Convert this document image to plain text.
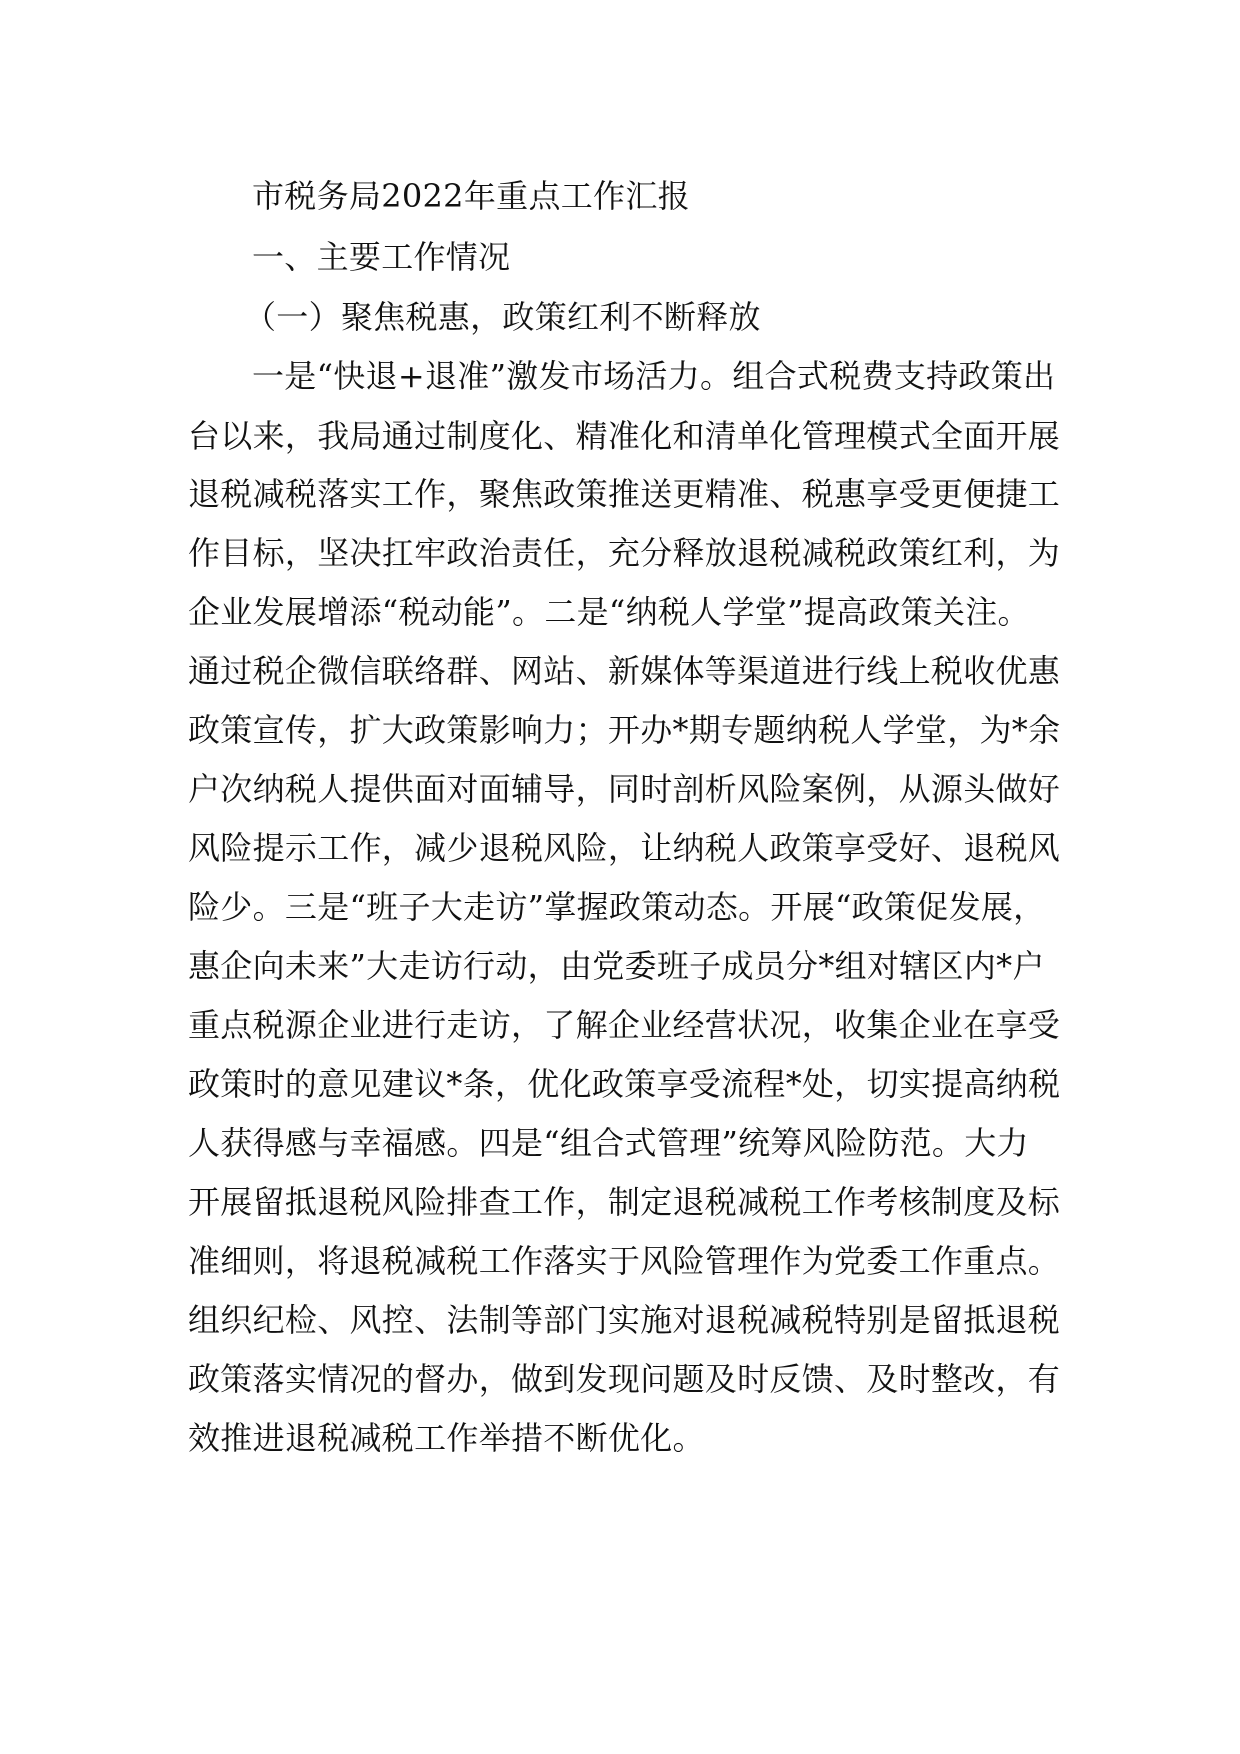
市税务局2022年重点工作汇报
一、主要工作情况
（一）聚焦税惠，政策红利不断释放
一是“快退+退准”激发市场活力。组合式税费支持政策出
台以来，我局通过制度化、精准化和清单化管理模式全面开展
退税减税落实工作，聚焦政策推送更精准、税惠享受更便捷工
作目标，坚决扛牢政治责任，充分释放退税减税政策红利，为
企业发展增添“税动能”。二是“纳税人学堂”提高政策关注。
通过税企微信联络群、网站、新媒体等渠道进行线上税收优惠
政策宣传，扩大政策影响力；开办*期专题纳税人学堂，为*余
户次纳税人提供面对面辅导，同时剖析风险案例，从源头做好
风险提示工作，减少退税风险，让纳税人政策享受好、退税风
险少。三是“班子大走访”掌握政策动态。开展“政策促发展，
惠企向未来”大走访行动，由党委班子成员分*组对辖区内*户
重点税源企业进行走访，了解企业经营状况，收集企业在享受
政策时的意见建议*条，优化政策享受流程*处，切实提高纳税
人获得感与幸福感。四是“组合式管理”统筹风险防范。大力
开展留抵退税风险排查工作，制定退税减税工作考核制度及标
准细则，将退税减税工作落实于风险管理作为党委工作重点。
组织纪检、风控、法制等部门实施对退税减税特别是留抵退税
政策落实情况的督办，做到发现问题及时反馈、及时整改，有
效推进退税减税工作举措不断优化。
